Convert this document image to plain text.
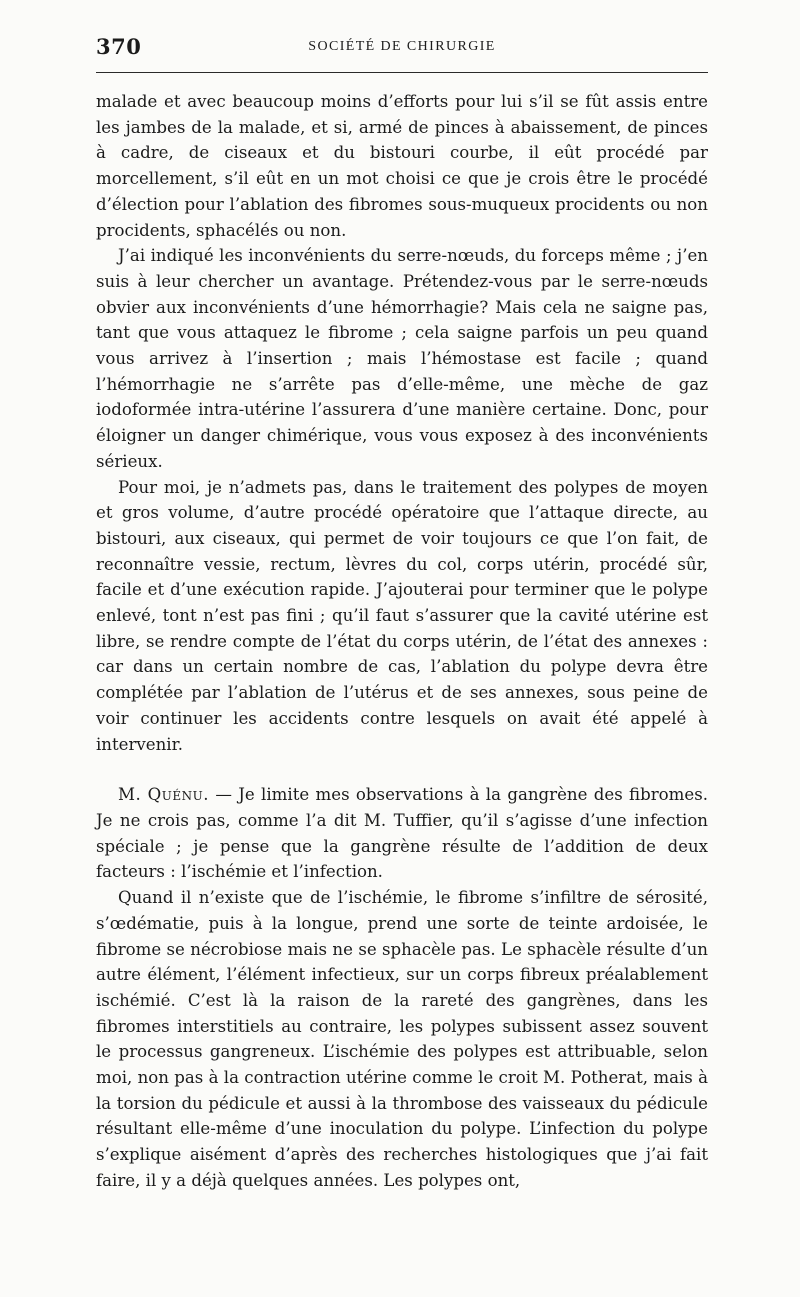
370	SOCIÉTÉ DE CHIRURGIE

malade et avec beaucoup moins d’efforts pour lui s’il se fût assis entre les jambes de la malade, et si, armé de pinces à abaissement, de pinces à cadre, de ciseaux et du bistouri courbe, il eût procédé par morcellement, s’il eût en un mot choisi ce que je crois être le procédé d’élection pour l’ablation des fibromes sous-muqueux procidents ou non procidents, sphacélés ou non.

J’ai indiqué les inconvénients du serre-nœuds, du forceps même ; j’en suis à leur chercher un avantage. Prétendez-vous par le serre-nœuds obvier aux inconvénients d’une hémorrhagie? Mais cela ne saigne pas, tant que vous attaquez le fibrome ; cela saigne parfois un peu quand vous arrivez à l’insertion ; mais l’hémostase est facile ; quand l’hémorrhagie ne s’arrête pas d’elle-même, une mèche de gaz iodoformée intra-utérine l’assurera d’une manière certaine. Donc, pour éloigner un danger chimérique, vous vous exposez à des inconvénients sérieux.

Pour moi, je n’admets pas, dans le traitement des polypes de moyen et gros volume, d’autre procédé opératoire que l’attaque directe, au bistouri, aux ciseaux, qui permet de voir toujours ce que l’on fait, de reconnaître vessie, rectum, lèvres du col, corps utérin, procédé sûr, facile et d’une exécution rapide. J’ajouterai pour terminer que le polype enlevé, tont n’est pas fini ; qu’il faut s’assurer que la cavité utérine est libre, se rendre compte de l’état du corps utérin, de l’état des annexes : car dans un certain nombre de cas, l’ablation du polype devra être complétée par l’ablation de l’utérus et de ses annexes, sous peine de voir continuer les accidents contre lesquels on avait été appelé à intervenir.

M. Quénu. — Je limite mes observations à la gangrène des fibromes. Je ne crois pas, comme l’a dit M. Tuffier, qu’il s’agisse d’une infection spéciale ; je pense que la gangrène résulte de l’addition de deux facteurs : l’ischémie et l’infection.

Quand il n’existe que de l’ischémie, le fibrome s’infiltre de sérosité, s’œdématie, puis à la longue, prend une sorte de teinte ardoisée, le fibrome se nécrobiose mais ne se sphacèle pas. Le sphacèle résulte d’un autre élément, l’élément infectieux, sur un corps fibreux préalablement ischémié. C’est là la raison de la rareté des gangrènes, dans les fibromes interstitiels au contraire, les polypes subissent assez souvent le processus gangreneux. L’ischémie des polypes est attribuable, selon moi, non pas à la contraction utérine comme le croit M. Potherat, mais à la torsion du pédicule et aussi à la thrombose des vaisseaux du pédicule résultant elle-même d’une inoculation du polype. L’infection du polype s’explique aisément d’après des recherches histologiques que j’ai fait faire, il y a déjà quelques années. Les polypes ont,
